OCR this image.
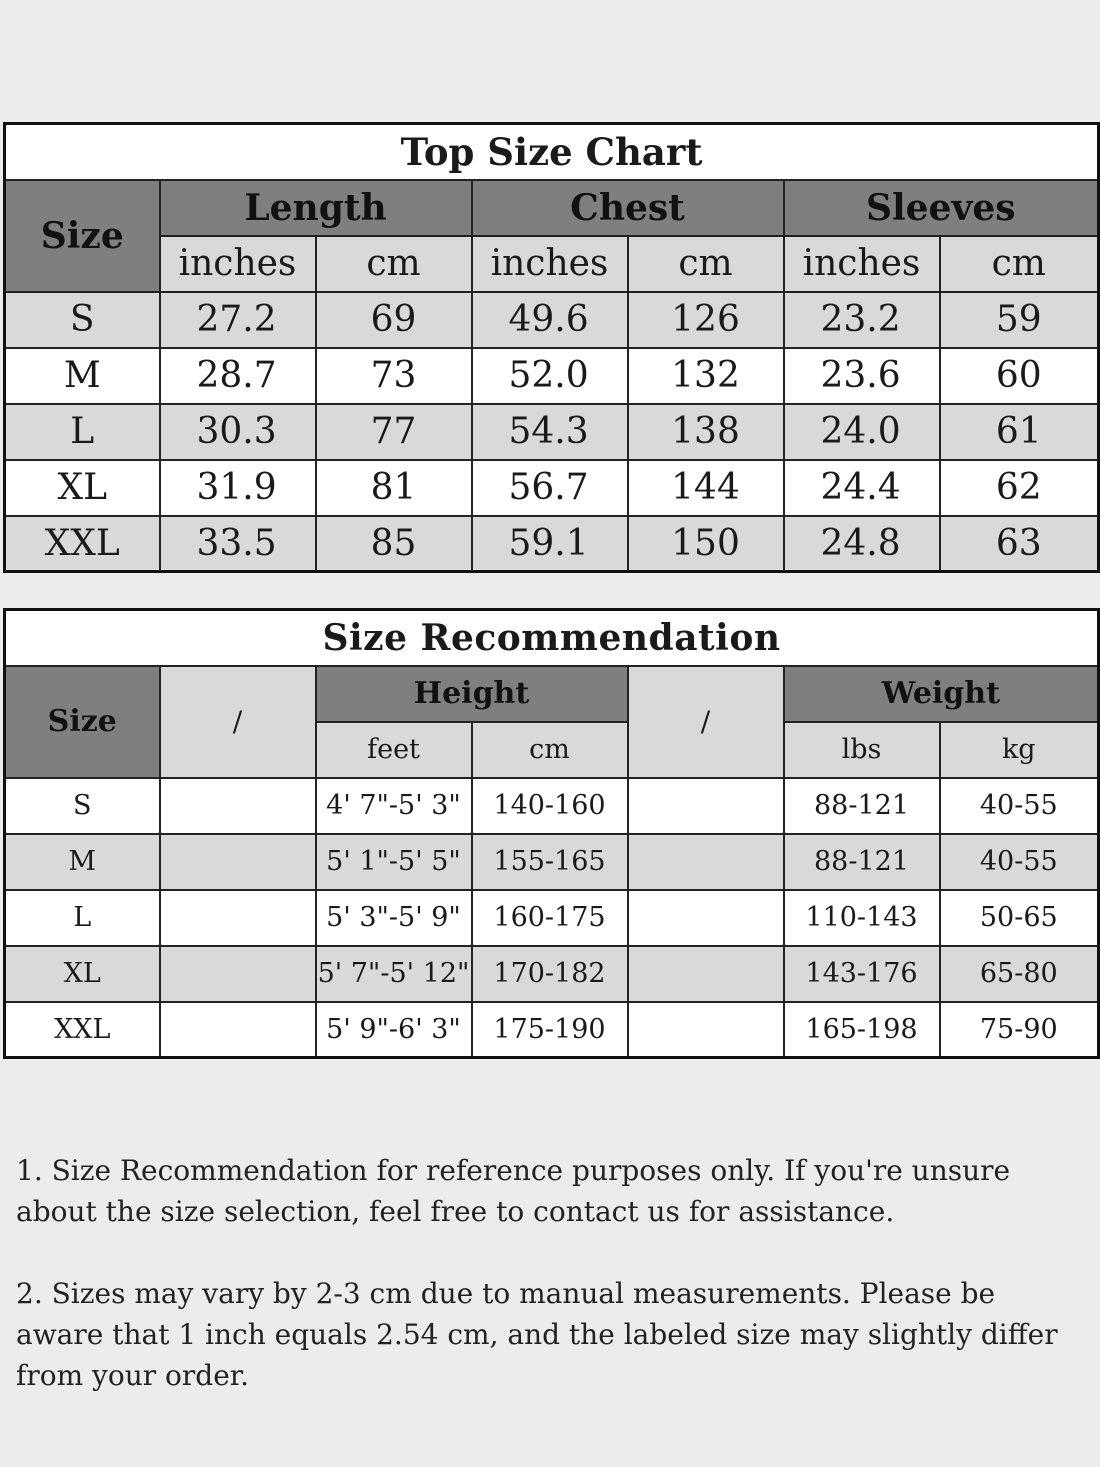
Top Size Chart						
Size	Length		Chest		Sleeves	
	inches	cm	inches	cm	inches	cm
S	27.2	69	49.6	126	23.2	59
M	28.7	73	52.0	132	23.6	60
L	30.3	77	54.3	138	24.0	61
XL	31.9	81	56.7	144	24.4	62
XXL	33.5	85	59.1	150	24.8	63
Size Recommendation						
Size	/	Height		/	Weight	
		feet	cm		lbs	kg
S		4' 7"-5' 3"	140-160		88-121	40-55
M		5' 1"-5' 5"	155-165		88-121	40-55
L		5' 3"-5' 9"	160-175		110-143	50-65
XL		5' 7"-5' 12"	170-182		143-176	65-80
XXL		5' 9"-6' 3"	175-190		165-198	75-90

1. Size Recommendation for reference purposes only. If you're unsure about the size selection, feel free to contact us for assistance.

2. Sizes may vary by 2-3 cm due to manual measurements. Please be aware that 1 inch equals 2.54 cm, and the labeled size may slightly differ from your order.
